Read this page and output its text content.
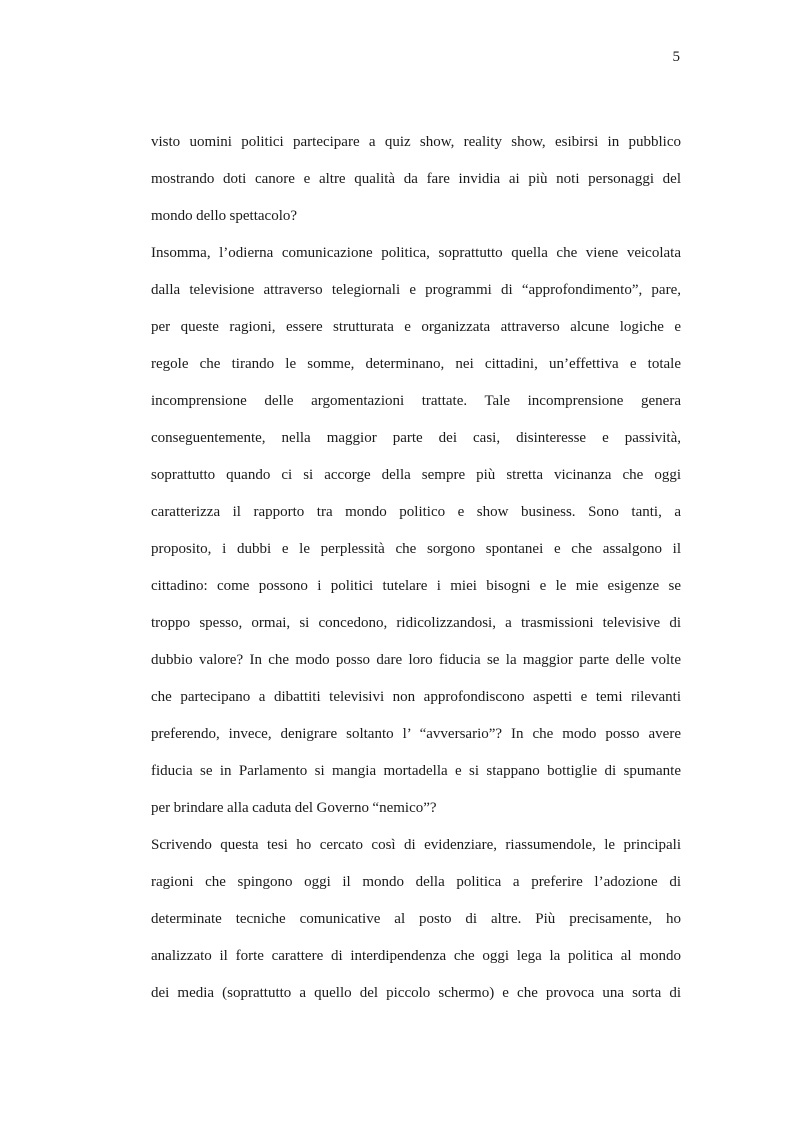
5
visto uomini politici partecipare a quiz show, reality show, esibirsi in pubblico
mostrando doti canore e altre qualità da fare invidia ai più noti personaggi del
mondo dello spettacolo?
Insomma, l’odierna comunicazione politica, soprattutto quella che viene veicolata
dalla televisione attraverso telegiornali e programmi di “approfondimento”, pare,
per queste ragioni, essere strutturata e organizzata attraverso alcune logiche e
regole che tirando le somme, determinano, nei cittadini, un’effettiva e totale
incomprensione delle argomentazioni trattate. Tale incomprensione genera
conseguentemente, nella maggior parte dei casi, disinteresse e passività,
soprattutto quando ci si accorge della sempre più stretta vicinanza che oggi
caratterizza il rapporto tra mondo politico e show business. Sono tanti, a
proposito, i dubbi e le perplessità che sorgono spontanei e che assalgono il
cittadino: come possono i politici tutelare i miei bisogni e le mie esigenze se
troppo spesso, ormai, si concedono, ridicolizzandosi, a trasmissioni televisive di
dubbio valore? In che modo posso dare loro fiducia se la maggior parte delle volte
che partecipano a dibattiti televisivi non approfondiscono aspetti e temi rilevanti
preferendo, invece, denigrare soltanto l’ “avversario”? In che modo posso avere
fiducia se in Parlamento si mangia mortadella e si stappano bottiglie di spumante
per brindare alla caduta del Governo “nemico”?
Scrivendo questa tesi ho cercato così di evidenziare, riassumendole, le principali
ragioni che spingono oggi il mondo della politica a preferire l’adozione di
determinate tecniche comunicative al posto di altre. Più precisamente, ho
analizzato il forte carattere di interdipendenza che oggi lega la politica al mondo
dei media (soprattutto a quello del piccolo schermo) e che provoca una sorta di
